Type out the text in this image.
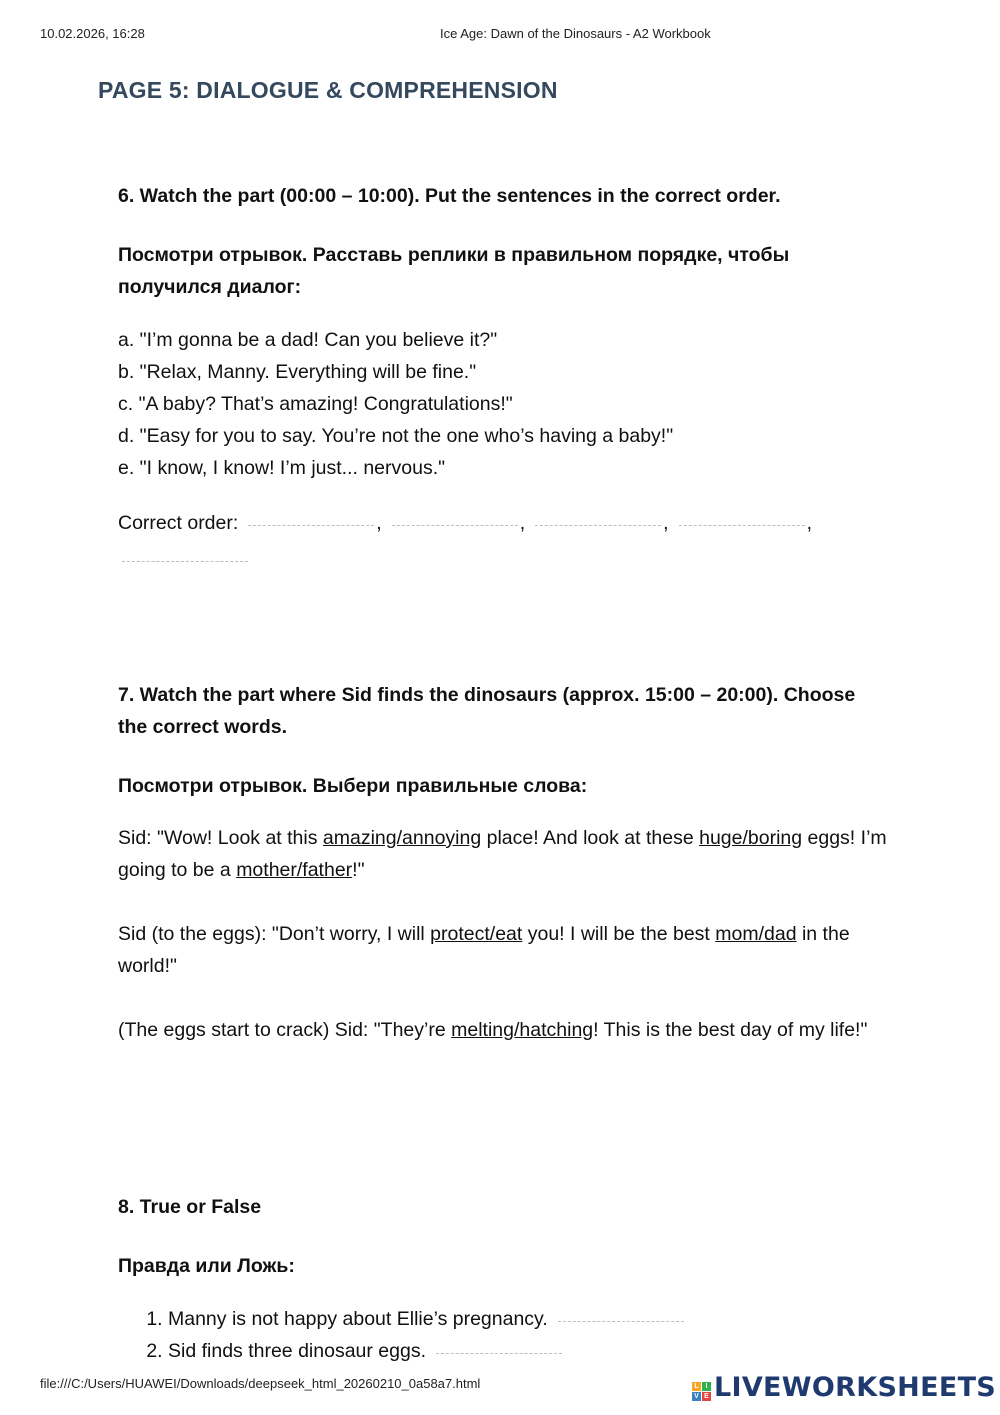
10.02.2026, 16:28	Ice Age: Dawn of the Dinosaurs - A2 Workbook
PAGE 5: DIALOGUE & COMPREHENSION

6. Watch the part (00:00 – 10:00). Put the sentences in the correct order.

Посмотри отрывок. Расставь реплики в правильном порядке, чтобы получился диалог:

a. "I’m gonna be a dad! Can you believe it?"

b. "Relax, Manny. Everything will be fine."

c. "A baby? That’s amazing! Congratulations!"

d. "Easy for you to say. You’re not the one who’s having a baby!"

e. "I know, I know! I’m just... nervous."

Correct order:	,	,	,	,

7. Watch the part where Sid finds the dinosaurs (approx. 15:00 – 20:00). Choose the correct words.

Посмотри отрывок. Выбери правильные слова:

Sid: "Wow! Look at this amazing/annoying place! And look at these huge/boring eggs! I’m going to be a mother/father!"

Sid (to the eggs): "Don’t worry, I will protect/eat you! I will be the best mom/dad in the world!"

(The eggs start to crack) Sid: "They’re melting/hatching! This is the best day of my life!"

8. True or False

Правда или Ложь:

1. Manny is not happy about Ellie’s pregnancy.
2. Sid finds three dinosaur eggs.
file:///C:/Users/HUAWEI/Downloads/deepseek_html_20260210_0a58a7.html	L I
V E LIVEWORKSHEETS
